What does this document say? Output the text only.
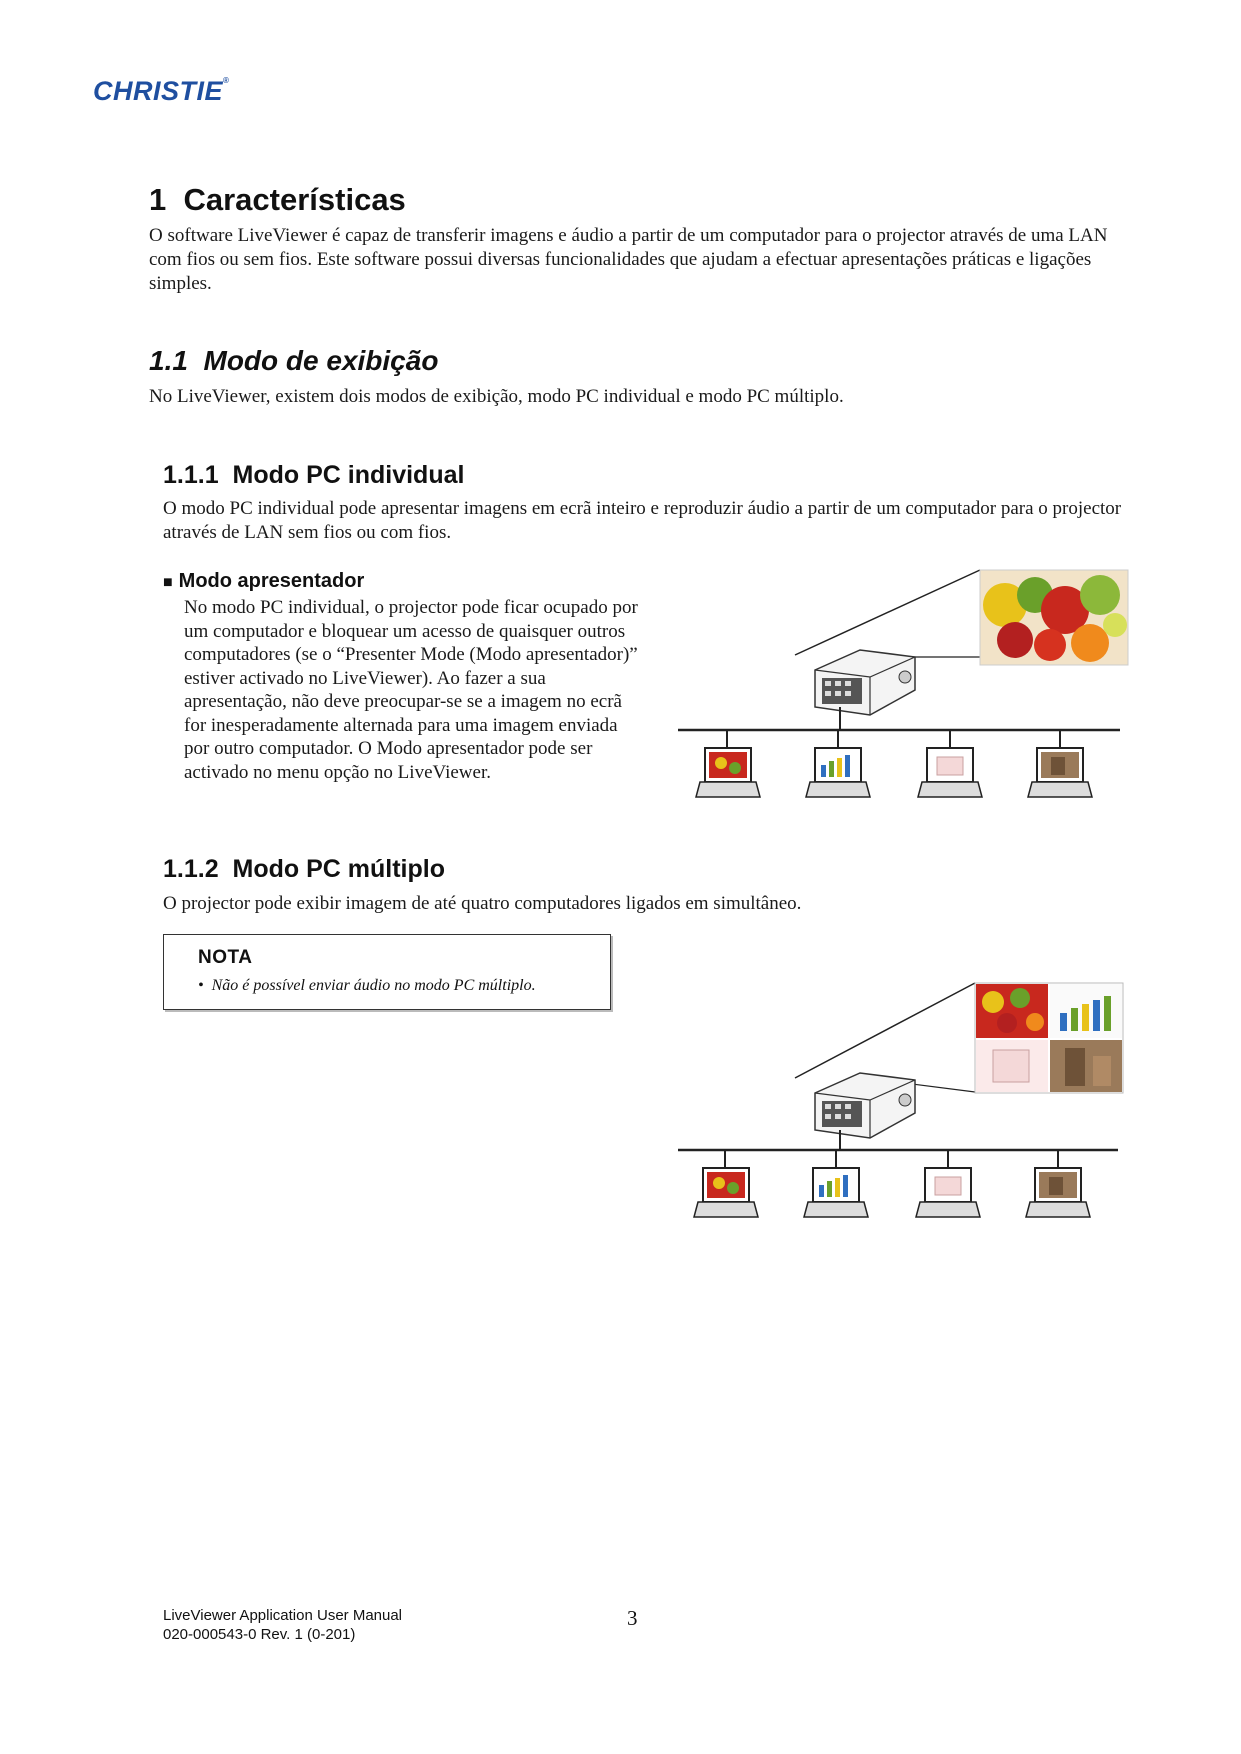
CHRISTIE®
1 Características
O software LiveViewer é capaz de transferir imagens e áudio a partir de um computador para o projector através de uma LAN com fios ou sem fios. Este software possui diversas funcionalidades que ajudam a efectuar apresentações práticas e ligações simples.
1.1 Modo de exibição
No LiveViewer, existem dois modos de exibição, modo PC individual e modo PC múltiplo.
1.1.1 Modo PC individual
O modo PC individual pode apresentar imagens em ecrã inteiro e reproduzir áudio a partir de um computador para o projector através de LAN sem fios ou com fios.
■ Modo apresentador
No modo PC individual, o projector pode ficar ocupado por um computador e bloquear um acesso de quaisquer outros computadores (se o “Presenter Mode (Modo apresentador)” estiver activado no LiveViewer). Ao fazer a sua apresentação, não deve preocupar-se se a imagem no ecrã for inesperadamente alternada para uma imagem enviada por outro computador. O Modo apresentador pode ser activado no menu opção no LiveViewer.
1.1.2 Modo PC múltiplo
O projector pode exibir imagem de até quatro computadores ligados em simultâneo.
NOTA
• Não é possível enviar áudio no modo PC múltiplo.
LiveViewer Application User Manual
020-000543-0 Rev. 1 (0-201)
3
